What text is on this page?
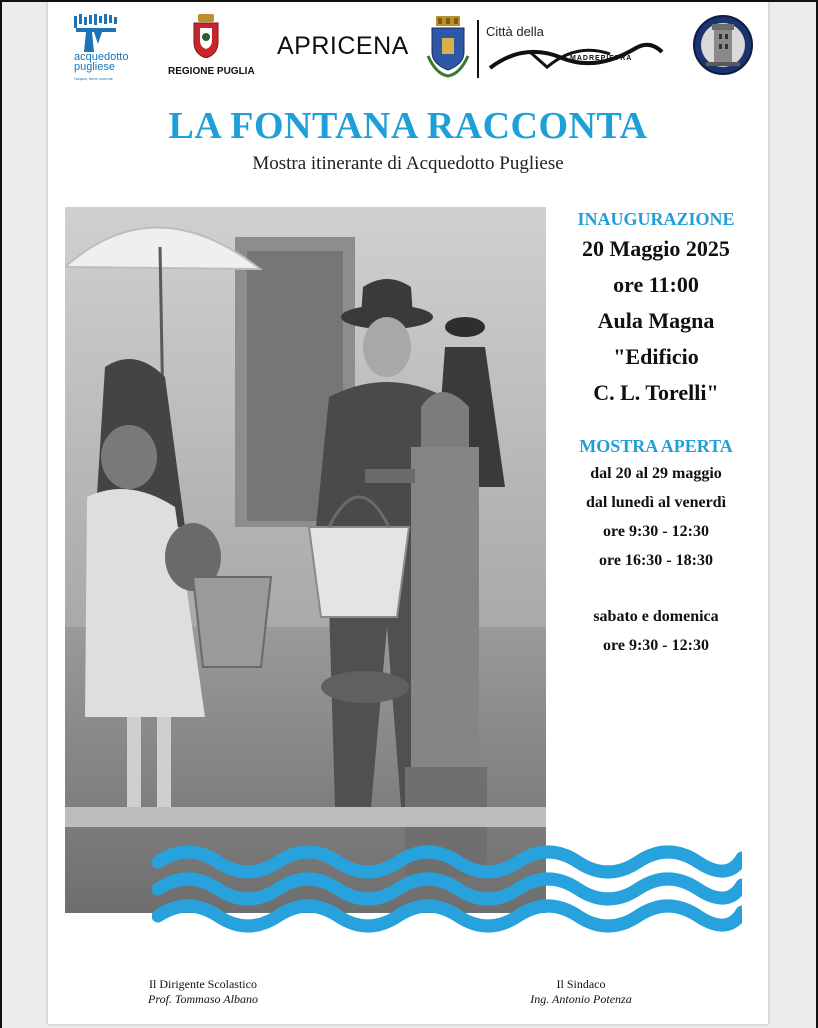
acquedotto
pugliese
l'acqua, bene comune
REGIONE PUGLIA
APRICENA
Città della
MADREPIETRA
LA FONTANA RACCONTA
Mostra itinerante di Acquedotto Pugliese
INAUGURAZIONE
20 Maggio 2025
ore 11:00
Aula Magna
"Edificio
C. L. Torelli"
MOSTRA APERTA
dal 20 al 29 maggio
dal lunedì al venerdì
ore 9:30 - 12:30
ore 16:30 - 18:30
sabato e domenica
ore 9:30 - 12:30
Il Dirigente Scolastico
Prof. Tommaso Albano
Il Sindaco
Ing. Antonio Potenza
